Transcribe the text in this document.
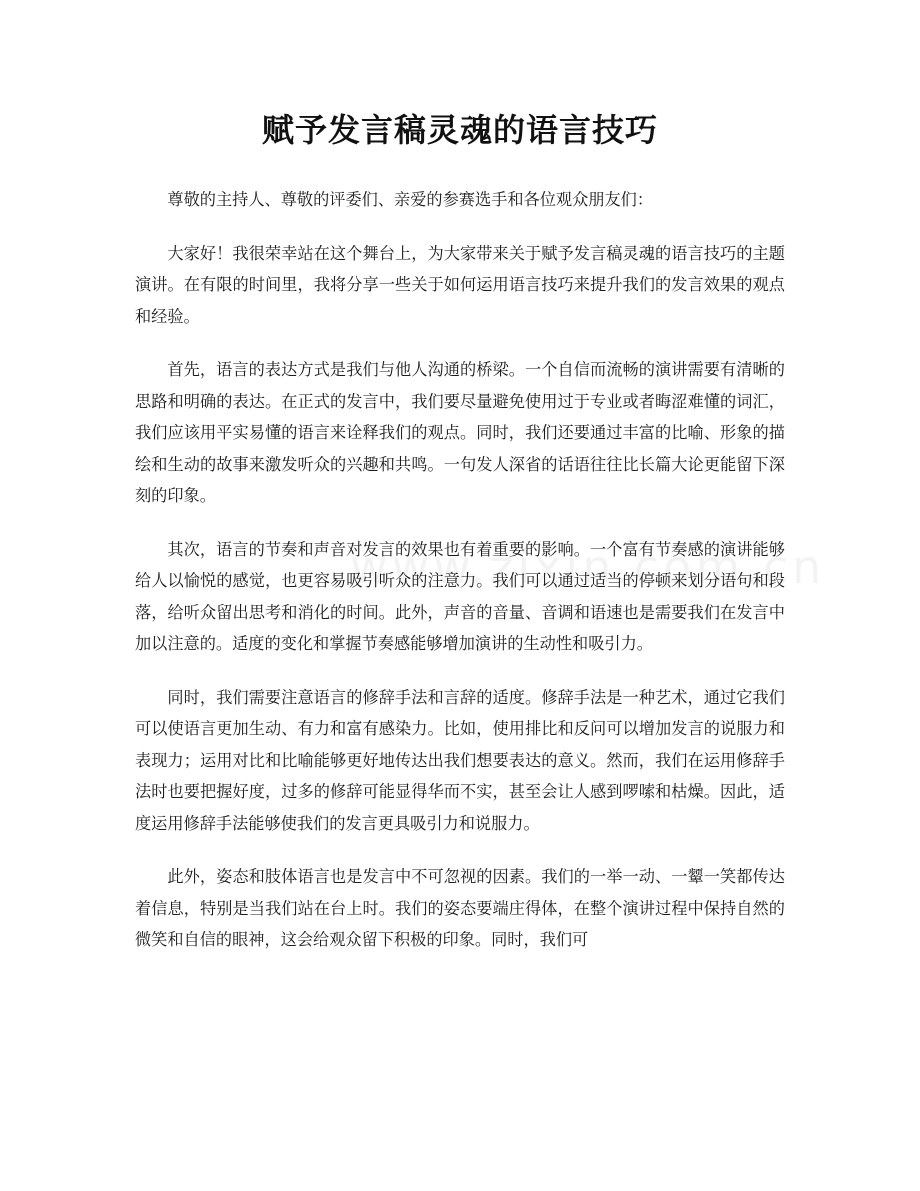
赋予发言稿灵魂的语言技巧

尊敬的主持人、尊敬的评委们、亲爱的参赛选手和各位观众朋友们：

大家好！我很荣幸站在这个舞台上，为大家带来关于赋予发言稿灵魂的语言技巧的主题演讲。在有限的时间里，我将分享一些关于如何运用语言技巧来提升我们的发言效果的观点和经验。

首先，语言的表达方式是我们与他人沟通的桥梁。一个自信而流畅的演讲需要有清晰的思路和明确的表达。在正式的发言中，我们要尽量避免使用过于专业或者晦涩难懂的词汇，我们应该用平实易懂的语言来诠释我们的观点。同时，我们还要通过丰富的比喻、形象的描绘和生动的故事来激发听众的兴趣和共鸣。一句发人深省的话语往往比长篇大论更能留下深刻的印象。

其次，语言的节奏和声音对发言的效果也有着重要的影响。一个富有节奏感的演讲能够给人以愉悦的感觉，也更容易吸引听众的注意力。我们可以通过适当的停顿来划分语句和段落，给听众留出思考和消化的时间。此外，声音的音量、音调和语速也是需要我们在发言中加以注意的。适度的变化和掌握节奏感能够增加演讲的生动性和吸引力。

同时，我们需要注意语言的修辞手法和言辞的适度。修辞手法是一种艺术，通过它我们可以使语言更加生动、有力和富有感染力。比如，使用排比和反问可以增加发言的说服力和表现力；运用对比和比喻能够更好地传达出我们想要表达的意义。然而，我们在运用修辞手法时也要把握好度，过多的修辞可能显得华而不实，甚至会让人感到啰嗦和枯燥。因此，适度运用修辞手法能够使我们的发言更具吸引力和说服力。

此外，姿态和肢体语言也是发言中不可忽视的因素。我们的一举一动、一颦一笑都传达着信息，特别是当我们站在台上时。我们的姿态要端庄得体，在整个演讲过程中保持自然的微笑和自信的眼神，这会给观众留下积极的印象。同时，我们可
